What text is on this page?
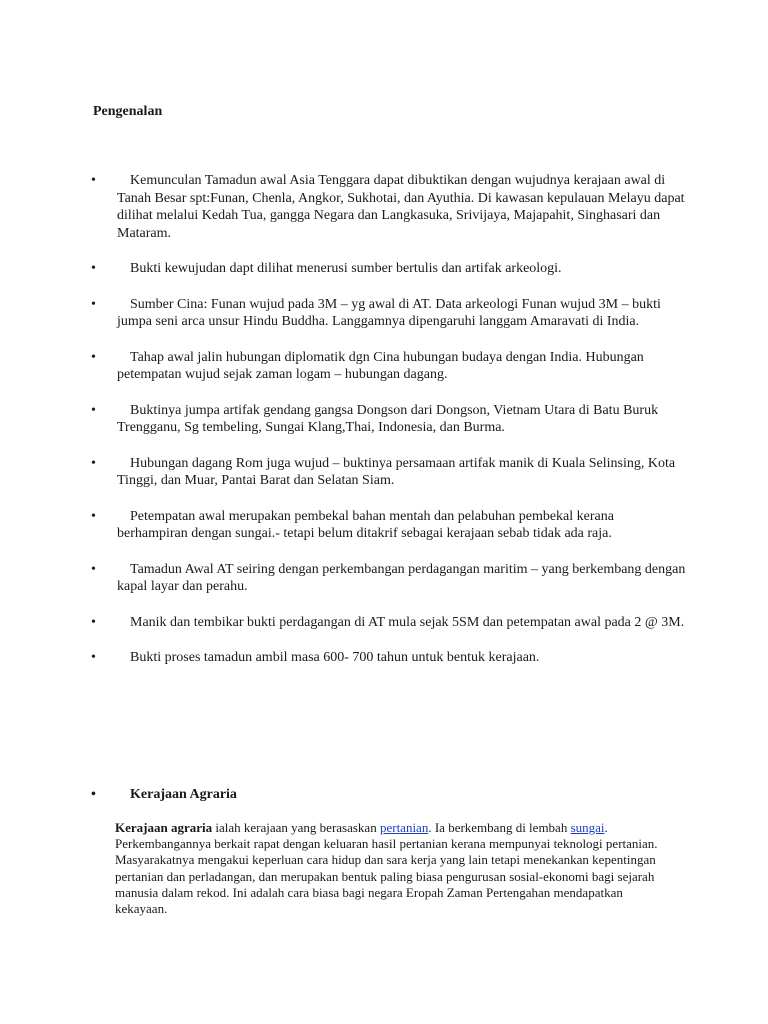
Pengenalan
•	Kemunculan Tamadun awal Asia Tenggara dapat dibuktikan dengan wujudnya kerajaan awal di Tanah Besar spt:Funan, Chenla, Angkor, Sukhotai, dan Ayuthia. Di kawasan kepulauan Melayu dapat dilihat melalui Kedah Tua, gangga Negara dan Langkasuka, Srivijaya, Majapahit, Singhasari dan Mataram.
•	Bukti kewujudan dapt dilihat menerusi sumber bertulis dan artifak arkeologi.
•	Sumber Cina: Funan wujud pada 3M – yg awal di AT. Data arkeologi Funan wujud 3M – bukti jumpa seni arca unsur Hindu Buddha. Langgamnya dipengaruhi langgam Amaravati di India.
•	Tahap awal jalin hubungan diplomatik dgn Cina hubungan budaya dengan India. Hubungan petempatan wujud sejak zaman logam – hubungan dagang.
•	Buktinya jumpa artifak gendang gangsa Dongson dari Dongson, Vietnam Utara di Batu Buruk Trengganu, Sg tembeling, Sungai Klang,Thai, Indonesia, dan Burma.
•	Hubungan dagang Rom juga wujud – buktinya persamaan artifak manik di Kuala Selinsing, Kota Tinggi, dan Muar, Pantai Barat dan Selatan Siam.
•	Petempatan awal merupakan pembekal bahan mentah dan pelabuhan pembekal kerana berhampiran dengan sungai.- tetapi belum ditakrif sebagai kerajaan sebab tidak ada raja.
•	Tamadun Awal AT seiring dengan perkembangan perdagangan maritim – yang berkembang dengan kapal layar dan perahu.
•	Manik dan tembikar bukti perdagangan di AT mula sejak 5SM dan petempatan awal pada 2 @ 3M.
•	Bukti proses tamadun ambil masa 600- 700 tahun untuk bentuk kerajaan.
•	Kerajaan Agraria

Kerajaan agraria ialah kerajaan yang berasaskan pertanian. Ia berkembang di lembah sungai. Perkembangannya berkait rapat dengan keluaran hasil pertanian kerana mempunyai teknologi pertanian. Masyarakatnya mengakui keperluan cara hidup dan sara kerja yang lain tetapi menekankan kepentingan pertanian dan perladangan, dan merupakan bentuk paling biasa pengurusan sosial-ekonomi bagi sejarah manusia dalam rekod. Ini adalah cara biasa bagi negara Eropah Zaman Pertengahan mendapatkan kekayaan.
